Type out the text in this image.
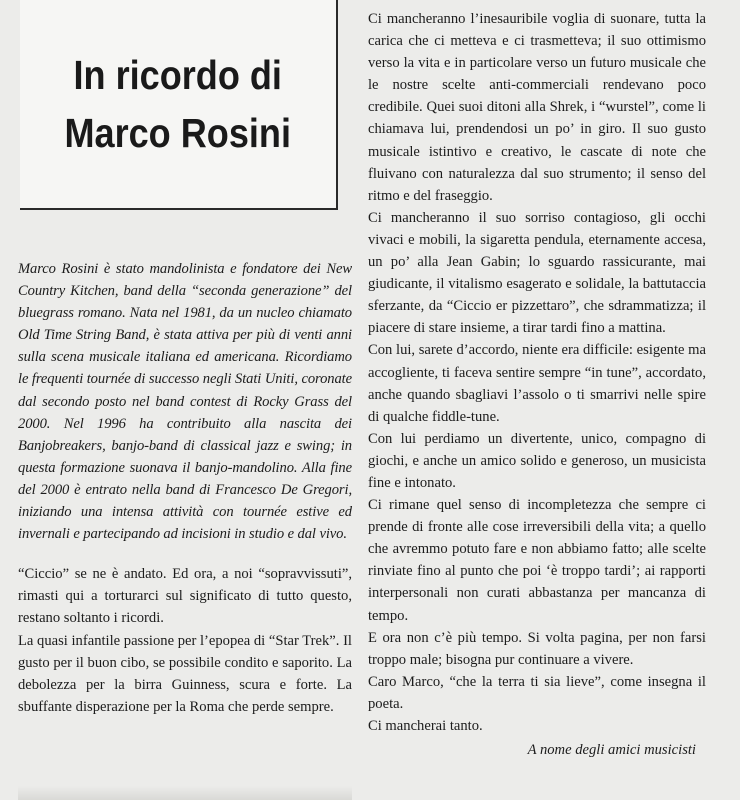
In ricordo di
Marco Rosini

Marco Rosini è stato mandolinista e fondatore dei New Country Kitchen, band della “seconda generazione” del bluegrass romano. Nata nel 1981, da un nucleo chiamato Old Time String Band, è stata attiva per più di venti anni sulla scena musicale italiana ed americana. Ricordiamo le frequenti tournée di successo negli Stati Uniti, coronate dal secondo posto nel band contest di Rocky Grass del 2000. Nel 1996 ha contribuito alla nascita dei Banjobreakers, banjo-band di classical jazz e swing; in questa formazione suonava il banjo-mandolino. Alla fine del 2000 è entrato nella band di Francesco De Gregori, iniziando una intensa attività con tournée estive ed invernali e partecipando ad incisioni in studio e dal vivo.

“Ciccio” se ne è andato. Ed ora, a noi “sopravvissuti”, rimasti qui a torturarci sul significato di tutto questo, restano soltanto i ricordi.

La quasi infantile passione per l’epopea di “Star Trek”. Il gusto per il buon cibo, se possibile condito e saporito. La debolezza per la birra Guinness, scura e forte. La sbuffante disperazione per la Roma che perde sempre.

Ci mancheranno l’inesauribile voglia di suonare, tutta la carica che ci metteva e ci trasmetteva; il suo ottimismo verso la vita e in particolare verso un futuro musicale che le nostre scelte anti-commerciali rendevano poco credibile. Quei suoi ditoni alla Shrek, i “wurstel”, come li chiamava lui, prendendosi un po’ in giro. Il suo gusto musicale istintivo e creativo, le cascate di note che fluivano con naturalezza dal suo strumento; il senso del ritmo e del fraseggio.

Ci mancheranno il suo sorriso contagioso, gli occhi vivaci e mobili, la sigaretta pendula, eternamente accesa, un po’ alla Jean Gabin; lo sguardo rassicurante, mai giudicante, il vitalismo esagerato e solidale, la battutaccia sferzante, da “Ciccio er pizzettaro”, che sdrammatizza; il piacere di stare insieme, a tirar tardi fino a mattina.

Con lui, sarete d’accordo, niente era difficile: esigente ma accogliente, ti faceva sentire sempre “in tune”, accordato, anche quando sbagliavi l’assolo o ti smarrivi nelle spire di qualche fiddle-tune.

Con lui perdiamo un divertente, unico, compagno di giochi, e anche un amico solido e generoso, un musicista fine e intonato.

Ci rimane quel senso di incompletezza che sempre ci prende di fronte alle cose irreversibili della vita; a quello che avremmo potuto fare e non abbiamo fatto; alle scelte rinviate fino al punto che poi ‘è troppo tardi’; ai rapporti interpersonali non curati abbastanza per mancanza di tempo.

E ora non c’è più tempo. Si volta pagina, per non farsi troppo male; bisogna pur continuare a vivere.

Caro Marco, “che la terra ti sia lieve”, come insegna il poeta.

Ci mancherai tanto.

A nome degli amici musicisti
